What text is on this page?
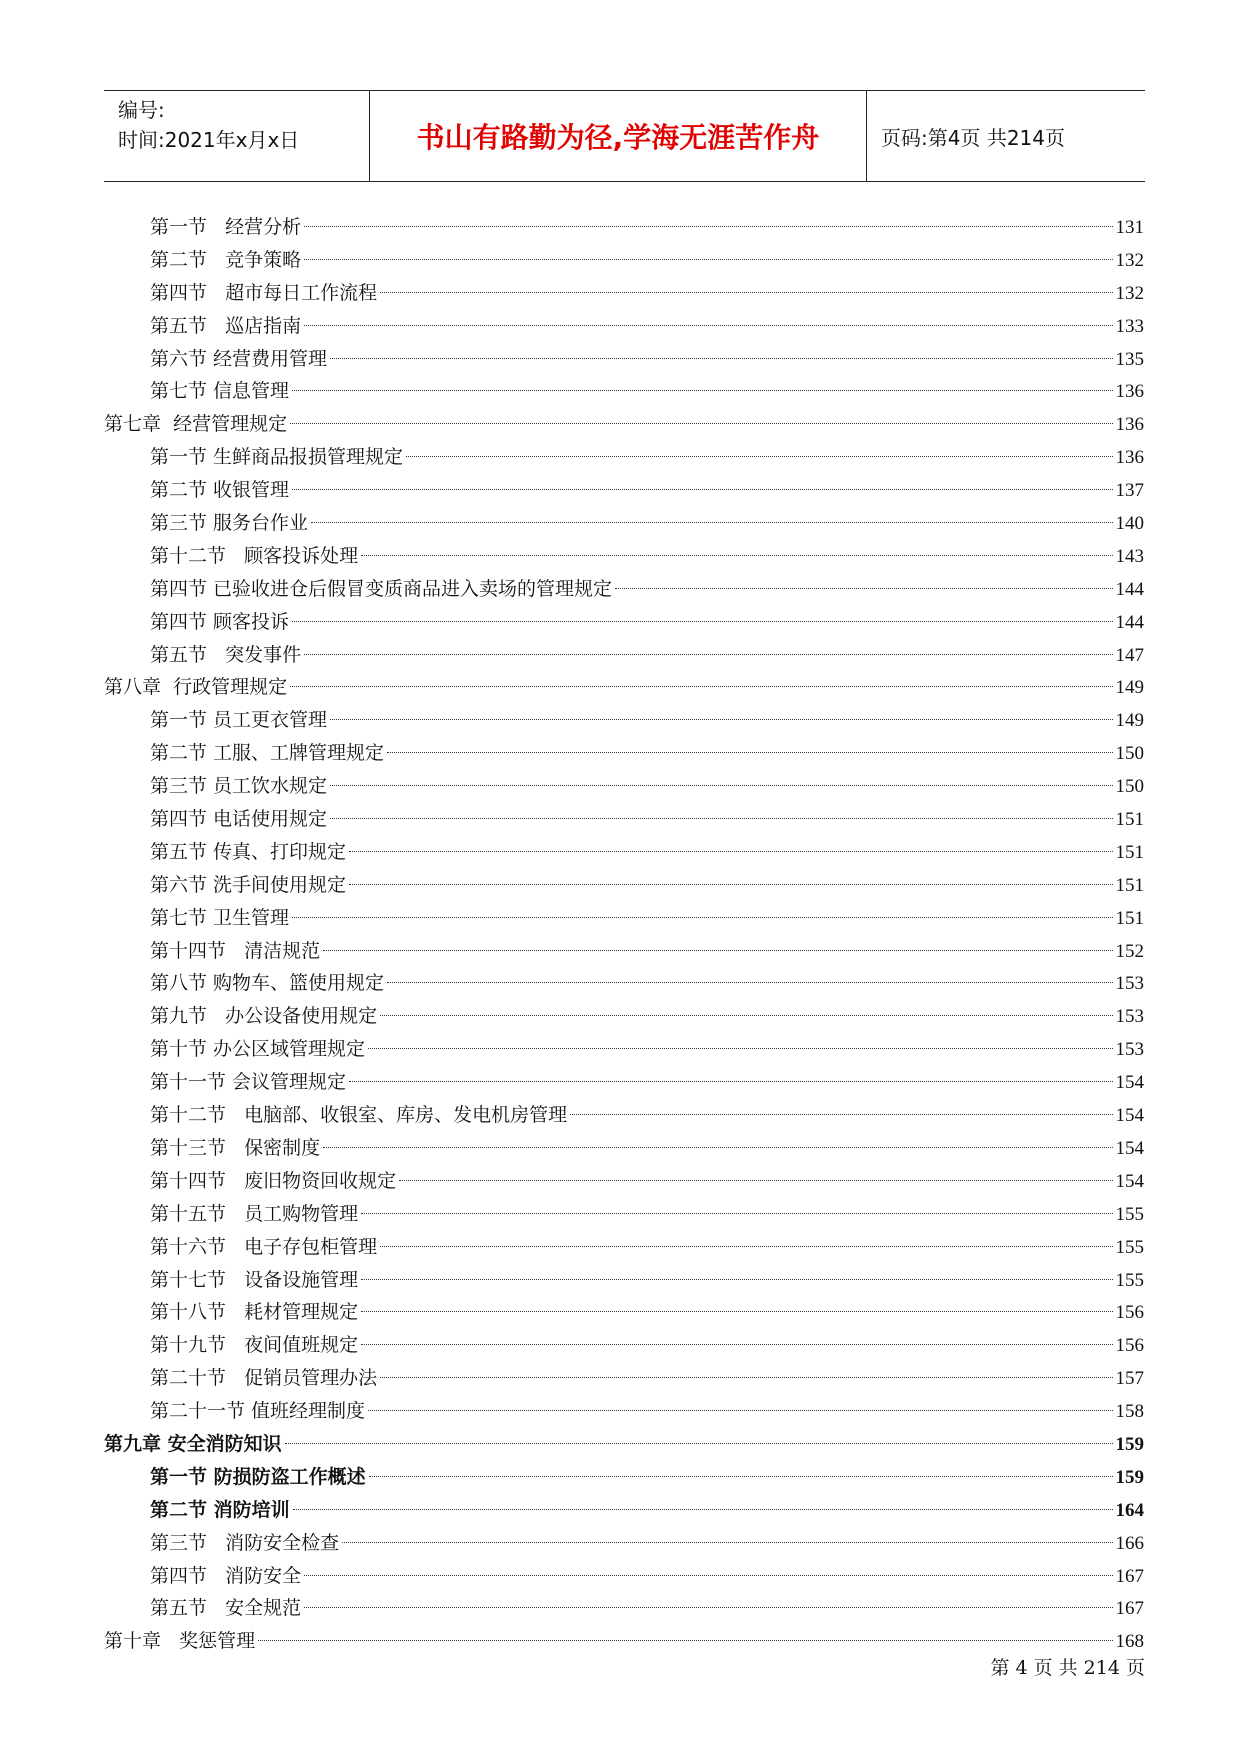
编号:
时间:2021年x月x日	书山有路勤为径,学海无涯苦作舟	页码:第4页 共214页
第一节   经营分析	131
第二节   竞争策略	132
第四节   超市每日工作流程	132
第五节   巡店指南	133
第六节 经营费用管理	135
第七节 信息管理	136
第七章  经营管理规定	136
第一节 生鲜商品报损管理规定	136
第二节 收银管理	137
第三节 服务台作业	140
第十二节   顾客投诉处理	143
第四节 已验收进仓后假冒变质商品进入卖场的管理规定	144
第四节 顾客投诉	144
第五节   突发事件	147
第八章  行政管理规定	149
第一节 员工更衣管理	149
第二节 工服、工牌管理规定	150
第三节 员工饮水规定	150
第四节 电话使用规定	151
第五节 传真、打印规定	151
第六节 洗手间使用规定	151
第七节 卫生管理	151
第十四节   清洁规范	152
第八节 购物车、篮使用规定	153
第九节   办公设备使用规定	153
第十节 办公区域管理规定	153
第十一节 会议管理规定	154
第十二节   电脑部、收银室、库房、发电机房管理	154
第十三节   保密制度	154
第十四节   废旧物资回收规定	154
第十五节   员工购物管理	155
第十六节   电子存包柜管理	155
第十七节   设备设施管理	155
第十八节   耗材管理规定	156
第十九节   夜间值班规定	156
第二十节   促销员管理办法	157
第二十一节 值班经理制度	158
第九章 安全消防知识	159
第一节 防损防盗工作概述	159
第二节 消防培训	164
第三节   消防安全检查	166
第四节   消防安全	167
第五节   安全规范	167
第十章   奖惩管理	168
第 4 页 共 214 页
